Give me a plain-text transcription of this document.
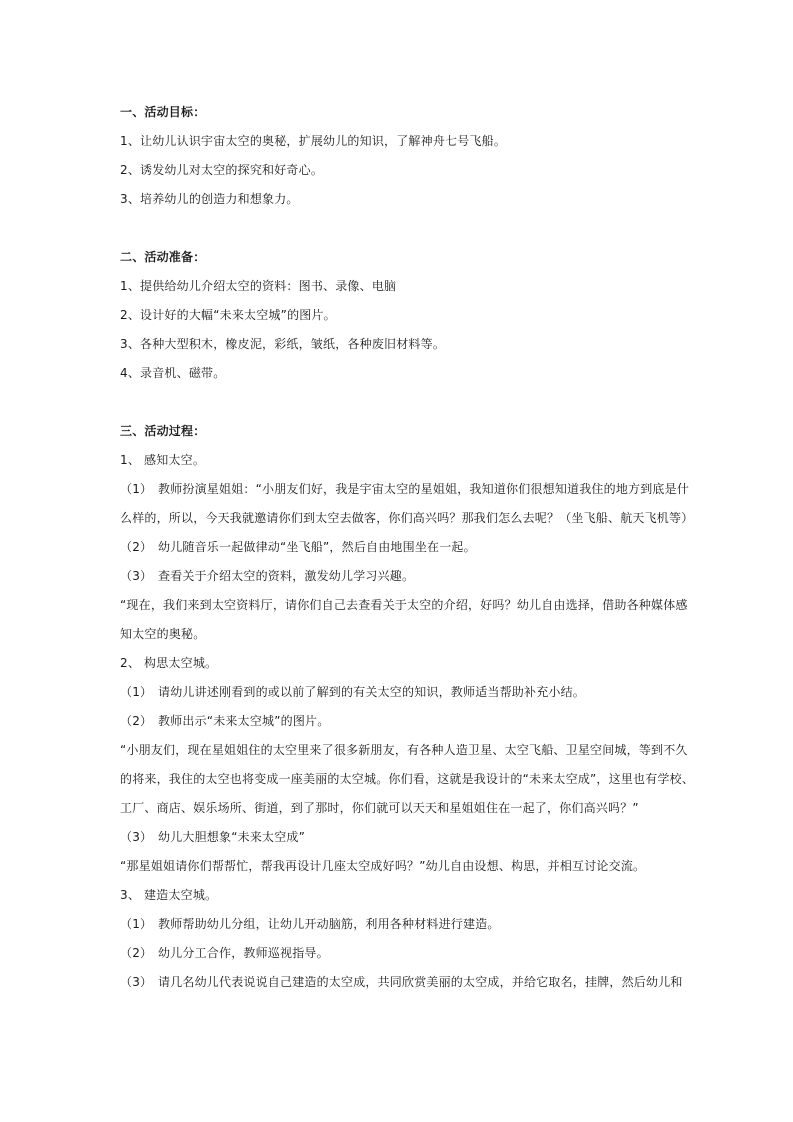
一、活动目标：
1、让幼儿认识宇宙太空的奥秘，扩展幼儿的知识，了解神舟七号飞船。
2、诱发幼儿对太空的探究和好奇心。
3、培养幼儿的创造力和想象力。
二、活动准备：
1、提供给幼儿介绍太空的资料：图书、录像、电脑
2、设计好的大幅“未来太空城”的图片。
3、各种大型积木，橡皮泥，彩纸，皱纸，各种废旧材料等。
4、录音机、磁带。
三、活动过程：
1、 感知太空。
（1） 教师扮演星姐姐：“小朋友们好，我是宇宙太空的星姐姐，我知道你们很想知道我住的地方到底是什
么样的，所以，今天我就邀请你们到太空去做客，你们高兴吗？那我们怎么去呢？（坐飞船、航天飞机等）
（2） 幼儿随音乐一起做律动“坐飞船”，然后自由地围坐在一起。
（3） 查看关于介绍太空的资料，激发幼儿学习兴趣。
“现在，我们来到太空资料厅，请你们自己去查看关于太空的介绍，好吗？幼儿自由选择，借助各种媒体感
知太空的奥秘。
2、 构思太空城。
（1） 请幼儿讲述刚看到的或以前了解到的有关太空的知识，教师适当帮助补充小结。
（2） 教师出示“未来太空城”的图片。
“小朋友们，现在星姐姐住的太空里来了很多新朋友，有各种人造卫星、太空飞船、卫星空间城，等到不久
的将来，我住的太空也将变成一座美丽的太空城。你们看，这就是我设计的“未来太空成”，这里也有学校、
工厂、商店、娱乐场所、街道，到了那时，你们就可以天天和星姐姐住在一起了，你们高兴吗？”
（3） 幼儿大胆想象“未来太空成”
“那星姐姐请你们帮帮忙，帮我再设计几座太空成好吗？”幼儿自由设想、构思，并相互讨论交流。
3、 建造太空城。
（1） 教师帮助幼儿分组，让幼儿开动脑筋，利用各种材料进行建造。
（2） 幼儿分工合作，教师巡视指导。
（3） 请几名幼儿代表说说自己建造的太空成，共同欣赏美丽的太空成，并给它取名，挂牌，然后幼儿和
